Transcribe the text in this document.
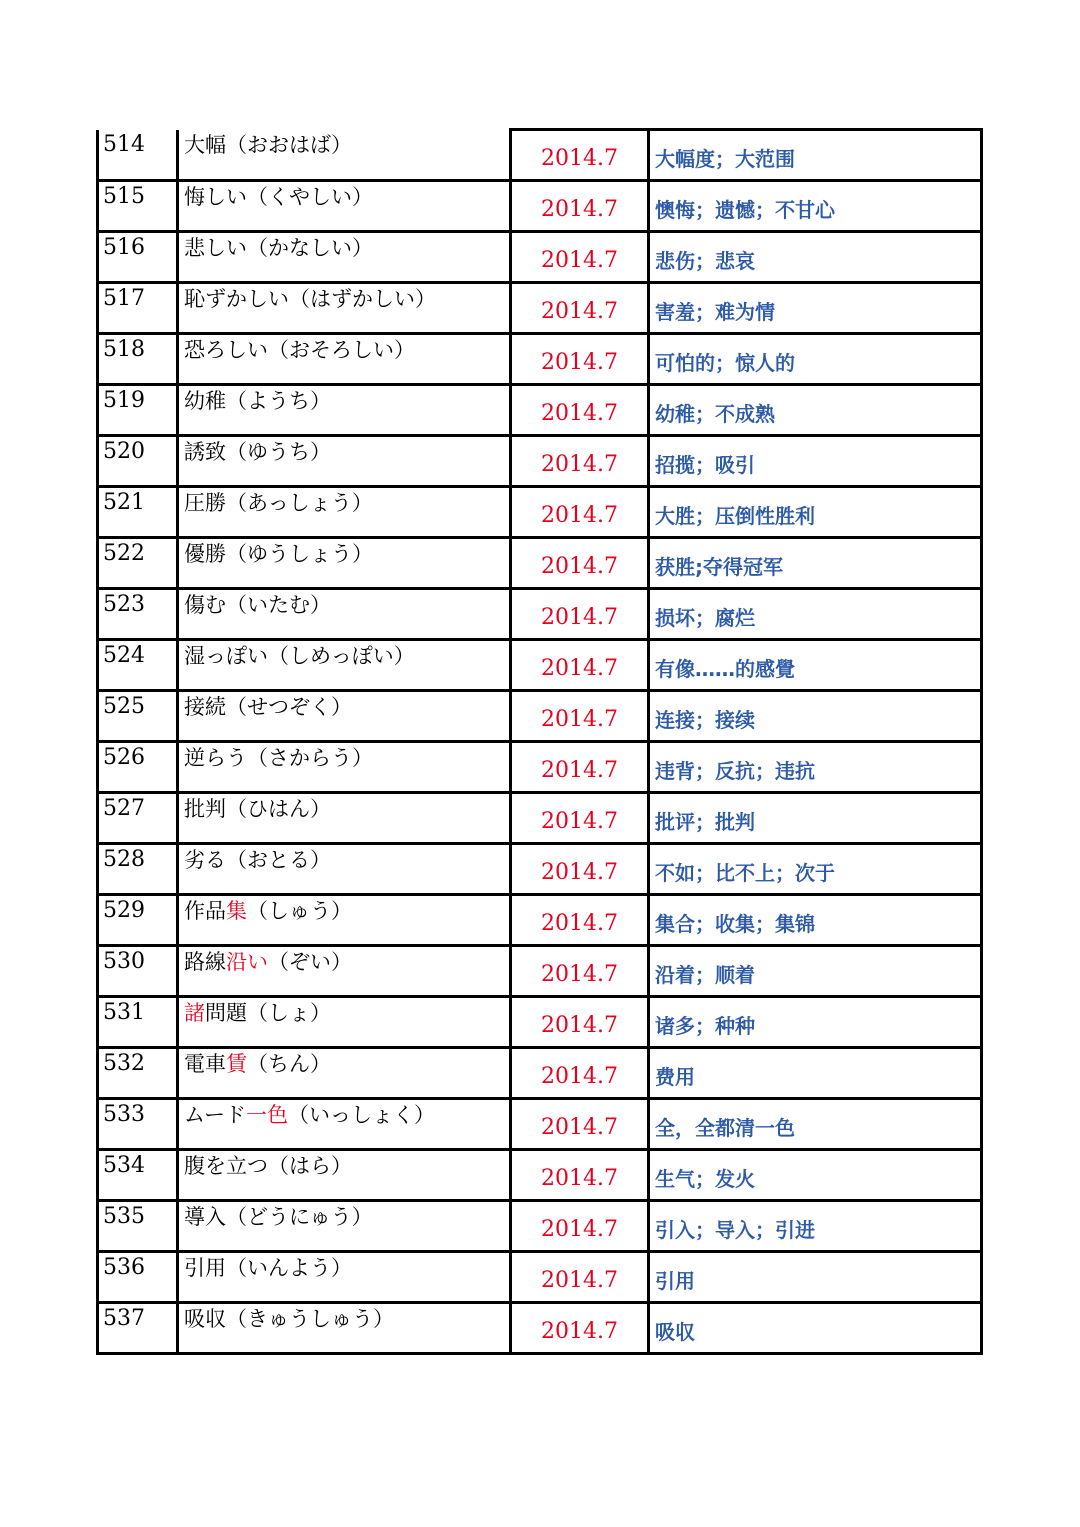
514	大幅（おおはば）	2014.7	大幅度；大范围
515	悔しい（くやしい）	2014.7	懊悔；遗憾；不甘心
516	悲しい（かなしい）	2014.7	悲伤；悲哀
517	恥ずかしい（はずかしい）	2014.7	害羞；难为情
518	恐ろしい（おそろしい）	2014.7	可怕的；惊人的
519	幼稚（ようち）	2014.7	幼稚；不成熟
520	誘致（ゆうち）	2014.7	招揽；吸引
521	圧勝（あっしょう）	2014.7	大胜；压倒性胜利
522	優勝（ゆうしょう）	2014.7	获胜;夺得冠军
523	傷む（いたむ）	2014.7	损坏；腐烂
524	湿っぽい（しめっぽい）	2014.7	有像……的感覺
525	接続（せつぞく）	2014.7	连接；接续
526	逆らう（さからう）	2014.7	违背；反抗；违抗
527	批判（ひはん）	2014.7	批评；批判
528	劣る（おとる）	2014.7	不如；比不上；次于
529	作品集（しゅう）	2014.7	集合；收集；集锦
530	路線沿い（ぞい）	2014.7	沿着；顺着
531	諸問題（しょ）	2014.7	诸多；种种
532	電車賃（ちん）	2014.7	费用
533	ムード一色（いっしょく）	2014.7	全，全都清一色
534	腹を立つ（はら）	2014.7	生气；发火
535	導入（どうにゅう）	2014.7	引入；导入；引进
536	引用（いんよう）	2014.7	引用
537	吸収（きゅうしゅう）	2014.7	吸収
